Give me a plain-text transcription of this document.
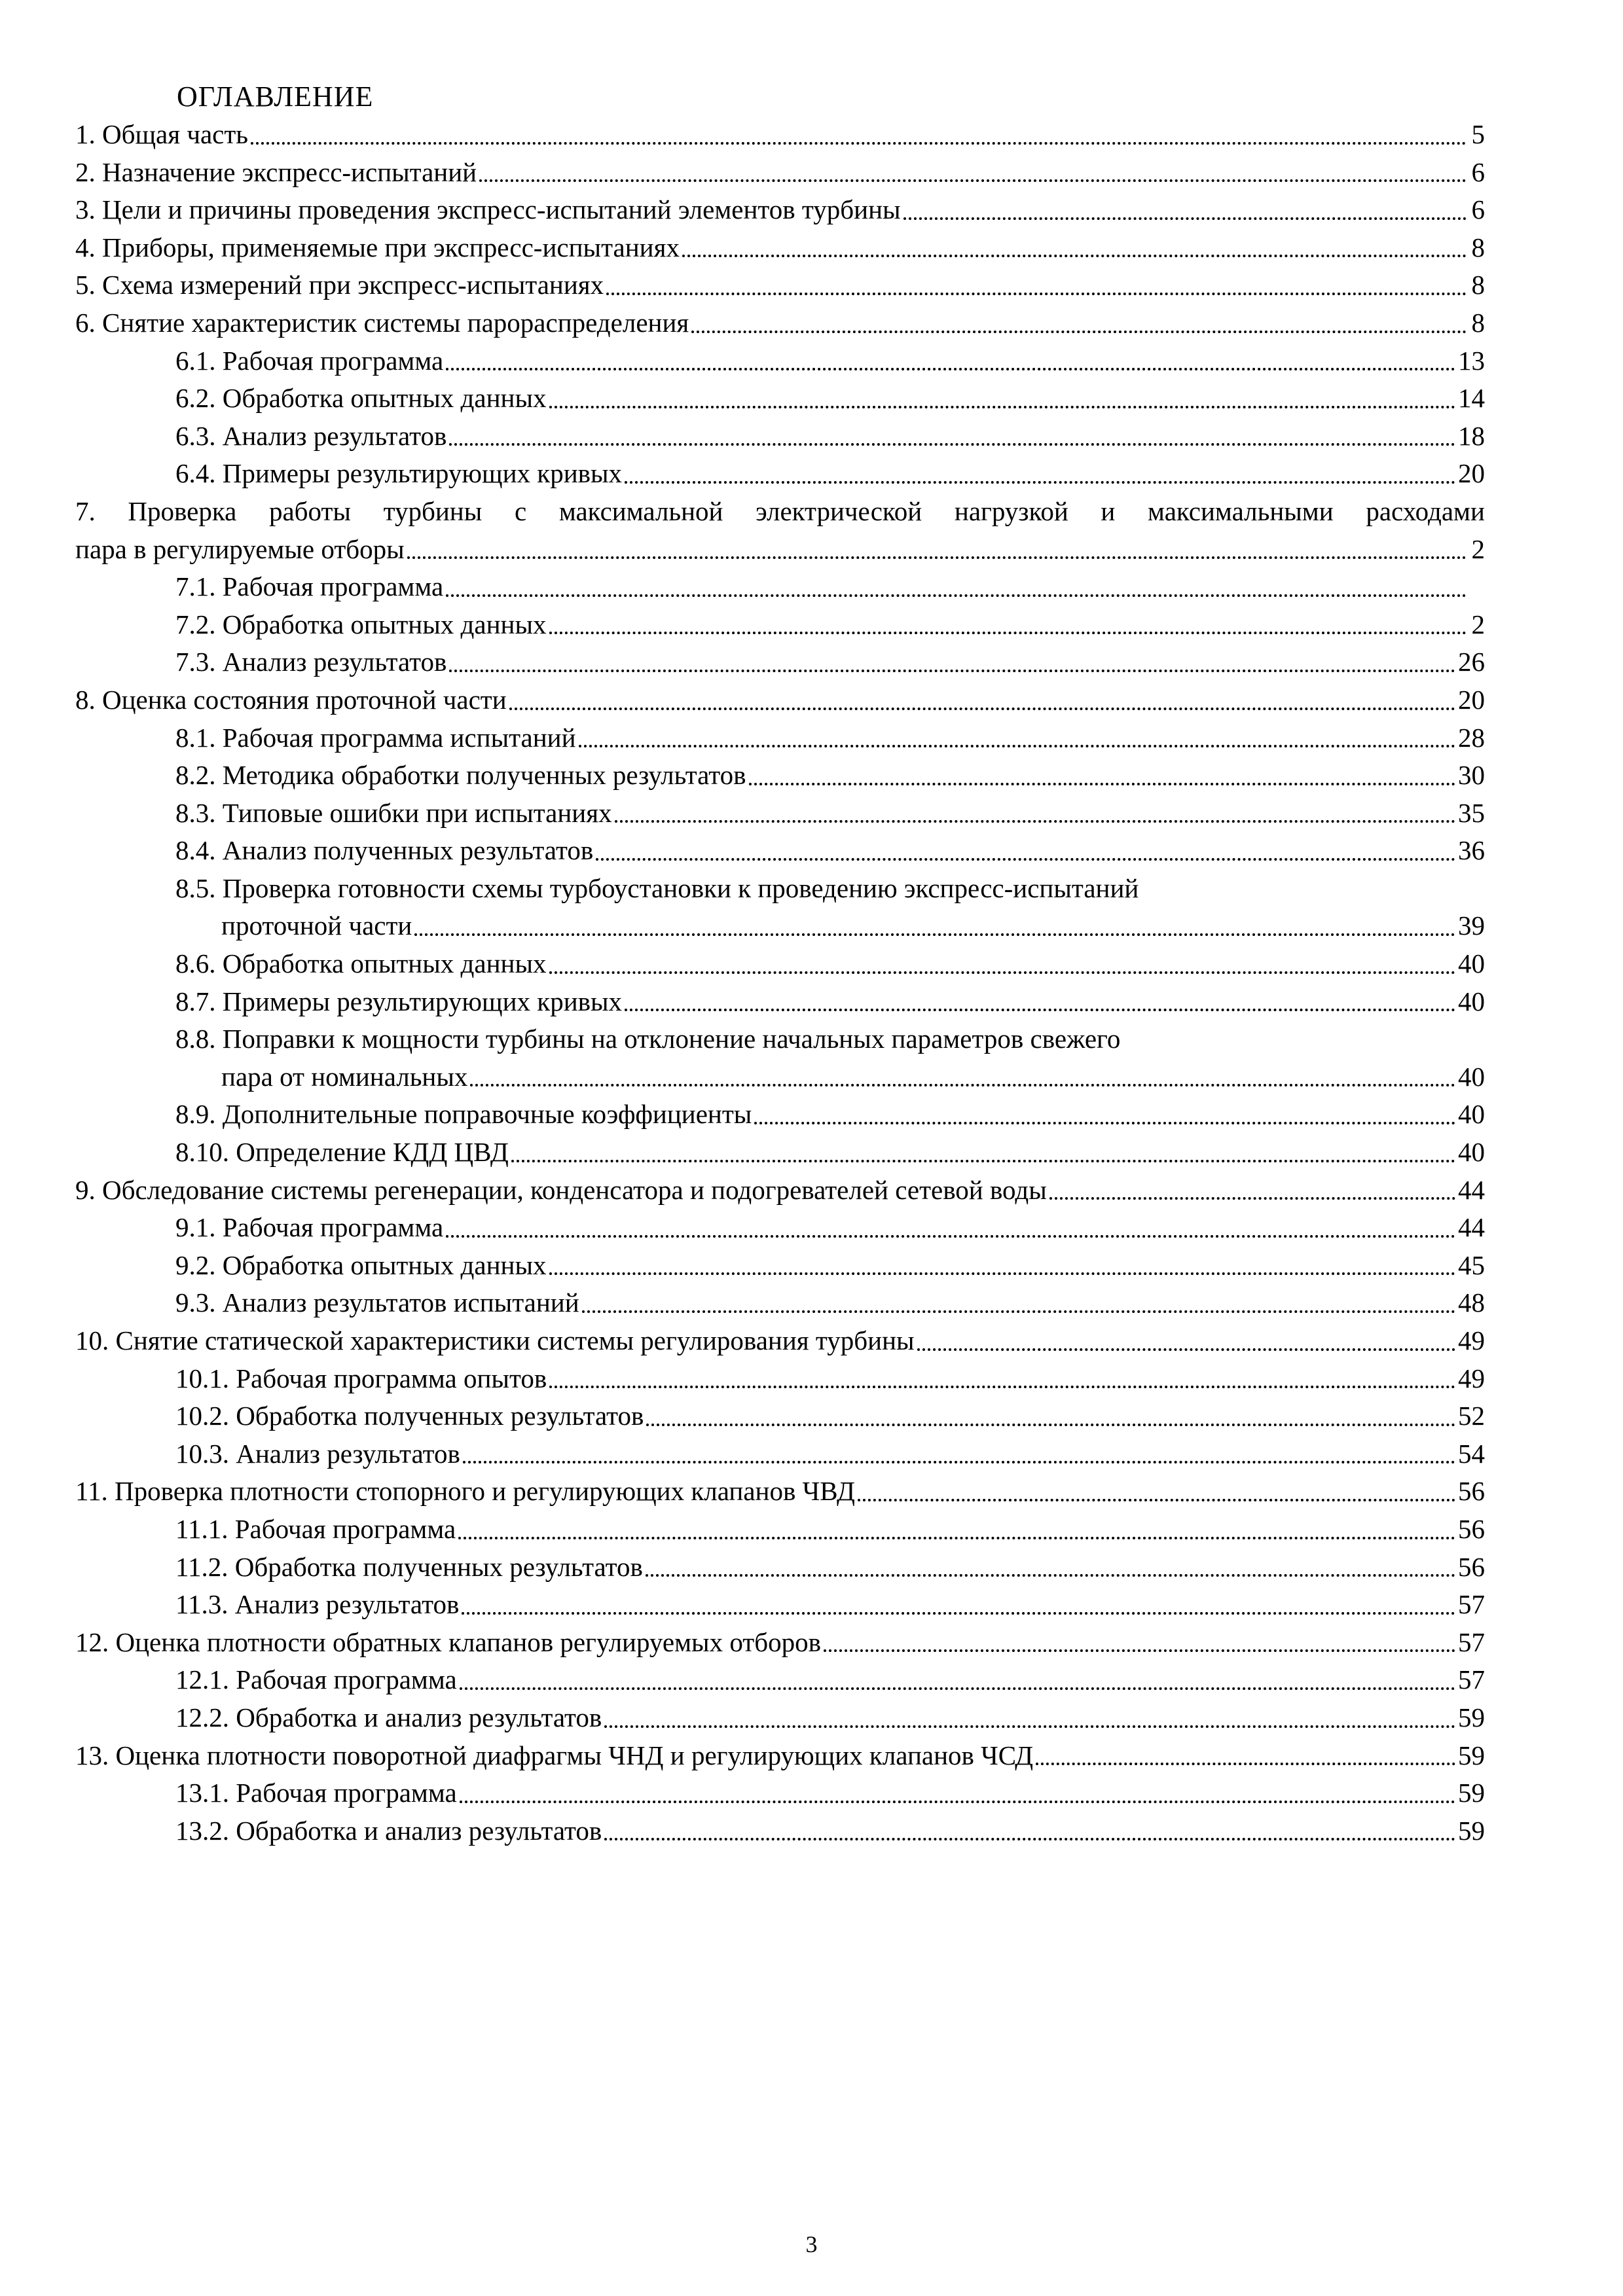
ОГЛАВЛЕНИЕ
1. Общая часть	5
2. Назначение экспресс-испытаний	6
3. Цели и причины проведения экспресс-испытаний элементов турбины	6
4. Приборы, применяемые при экспресс-испытаниях	8
5. Схема измерений при экспресс-испытаниях	8
6. Снятие характеристик системы парораспределения	8
6.1. Рабочая программа	13
6.2. Обработка опытных данных	14
6.3. Анализ результатов	18
6.4. Примеры результирующих кривых	20
7. Проверка работы турбины с максимальной электрической нагрузкой и максимальными расходами
пара в регулируемые отборы	2
7.1. Рабочая программа
7.2. Обработка опытных данных	2
7.3. Анализ результатов	26
8. Оценка состояния проточной части	20
8.1. Рабочая программа испытаний	28
8.2. Методика обработки полученных результатов	30
8.3. Типовые ошибки при испытаниях	35
8.4. Анализ полученных результатов	36
8.5. Проверка готовности схемы турбоустановки к проведению экспресс-испытаний
проточной части	39
8.6. Обработка опытных данных	40
8.7. Примеры результирующих кривых	40
8.8. Поправки к мощности турбины на отклонение начальных параметров свежего
пара от номинальных	40
8.9. Дополнительные поправочные коэффициенты	40
8.10. Определение КДД ЦВД	40
9. Обследование системы регенерации, конденсатора и подогревателей сетевой воды	44
9.1. Рабочая программа	44
9.2. Обработка опытных данных	45
9.3. Анализ результатов испытаний	48
10. Снятие статической характеристики системы регулирования турбины	49
10.1. Рабочая программа опытов	49
10.2. Обработка полученных результатов	52
10.3. Анализ результатов	54
11. Проверка плотности стопорного и регулирующих клапанов ЧВД	56
11.1. Рабочая программа	56
11.2. Обработка полученных результатов	56
11.3. Анализ результатов	57
12. Оценка плотности обратных клапанов регулируемых отборов	57
12.1. Рабочая программа	57
12.2. Обработка и анализ результатов	59
13. Оценка плотности поворотной диафрагмы ЧНД и регулирующих клапанов ЧСД	59
13.1. Рабочая программа	59
13.2. Обработка и анализ результатов	59
3
